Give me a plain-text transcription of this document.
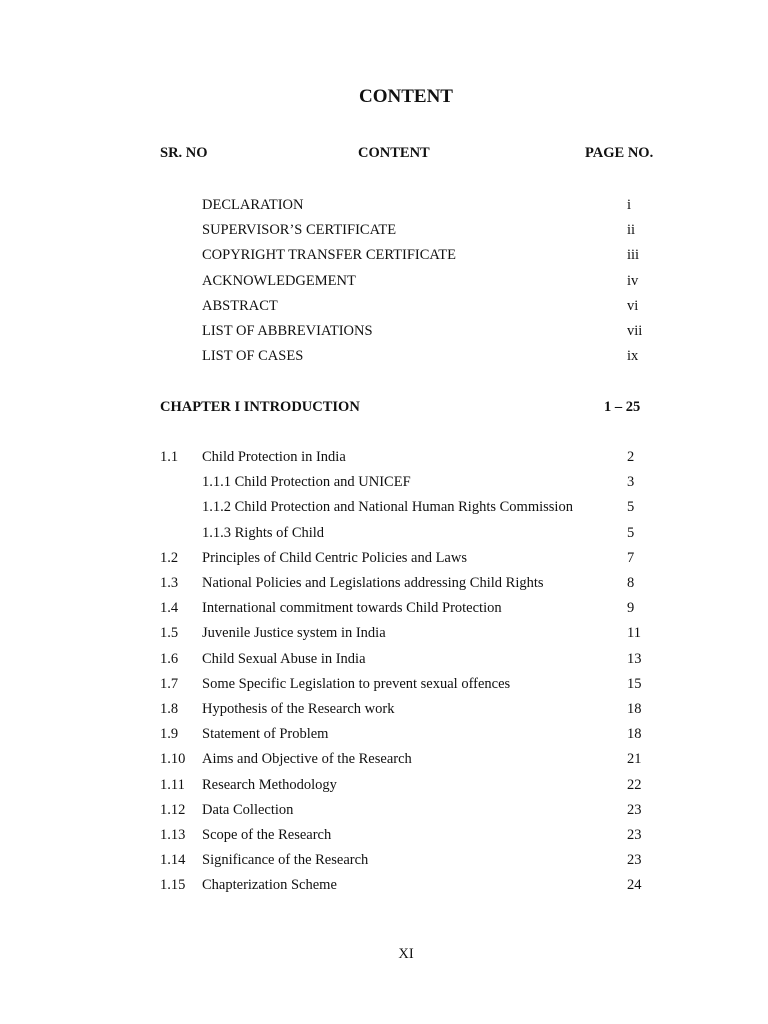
CONTENT
SR. NO	CONTENT	PAGE NO.
DECLARATION	i
SUPERVISOR’S CERTIFICATE	ii
COPYRIGHT TRANSFER CERTIFICATE	iii
ACKNOWLEDGEMENT	iv
ABSTRACT	vi
LIST OF ABBREVIATIONS	vii
LIST OF CASES	ix
CHAPTER I INTRODUCTION	1 – 25
1.1 Child Protection in India	2
1.1.1 Child Protection and UNICEF	3
1.1.2 Child Protection and National Human Rights Commission	5
1.1.3 Rights of Child	5
1.2 Principles of Child Centric Policies and Laws	7
1.3 National Policies and Legislations addressing Child Rights	8
1.4 International commitment towards Child Protection	9
1.5 Juvenile Justice system in India	11
1.6 Child Sexual Abuse in India	13
1.7 Some Specific Legislation to prevent sexual offences	15
1.8 Hypothesis of the Research work	18
1.9 Statement of Problem	18
1.10 Aims and Objective of the Research	21
1.11 Research Methodology	22
1.12 Data Collection	23
1.13 Scope of the Research	23
1.14 Significance of the Research	23
1.15 Chapterization Scheme	24
XI
